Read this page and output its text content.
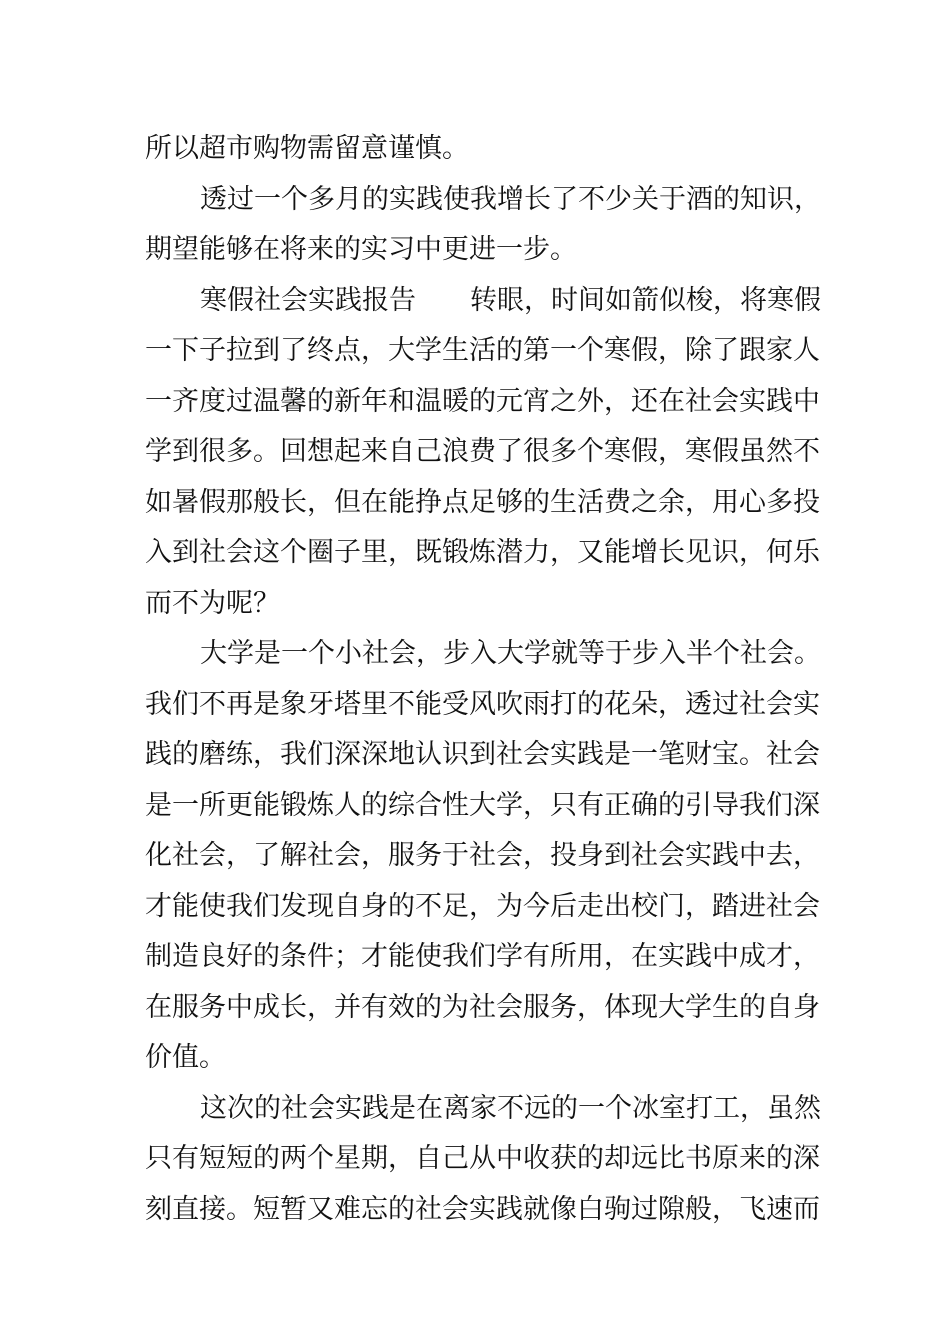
所以超市购物需留意谨慎。
透过一个多月的实践使我增长了不少关于酒的知识，
期望能够在将来的实习中更进一步。
寒假社会实践报告　　转眼，时间如箭似梭，将寒假
一下子拉到了终点，大学生活的第一个寒假，除了跟家人
一齐度过温馨的新年和温暖的元宵之外，还在社会实践中
学到很多。回想起来自己浪费了很多个寒假，寒假虽然不
如暑假那般长，但在能挣点足够的生活费之余，用心多投
入到社会这个圈子里，既锻炼潜力，又能增长见识，何乐
而不为呢？
大学是一个小社会，步入大学就等于步入半个社会。
我们不再是象牙塔里不能受风吹雨打的花朵，透过社会实
践的磨练，我们深深地认识到社会实践是一笔财宝。社会
是一所更能锻炼人的综合性大学，只有正确的引导我们深
化社会，了解社会，服务于社会，投身到社会实践中去，
才能使我们发现自身的不足，为今后走出校门，踏进社会
制造良好的条件；才能使我们学有所用，在实践中成才，
在服务中成长，并有效的为社会服务，体现大学生的自身
价值。
这次的社会实践是在离家不远的一个冰室打工，虽然
只有短短的两个星期，自己从中收获的却远比书原来的深
刻直接。短暂又难忘的社会实践就像白驹过隙般，飞速而
